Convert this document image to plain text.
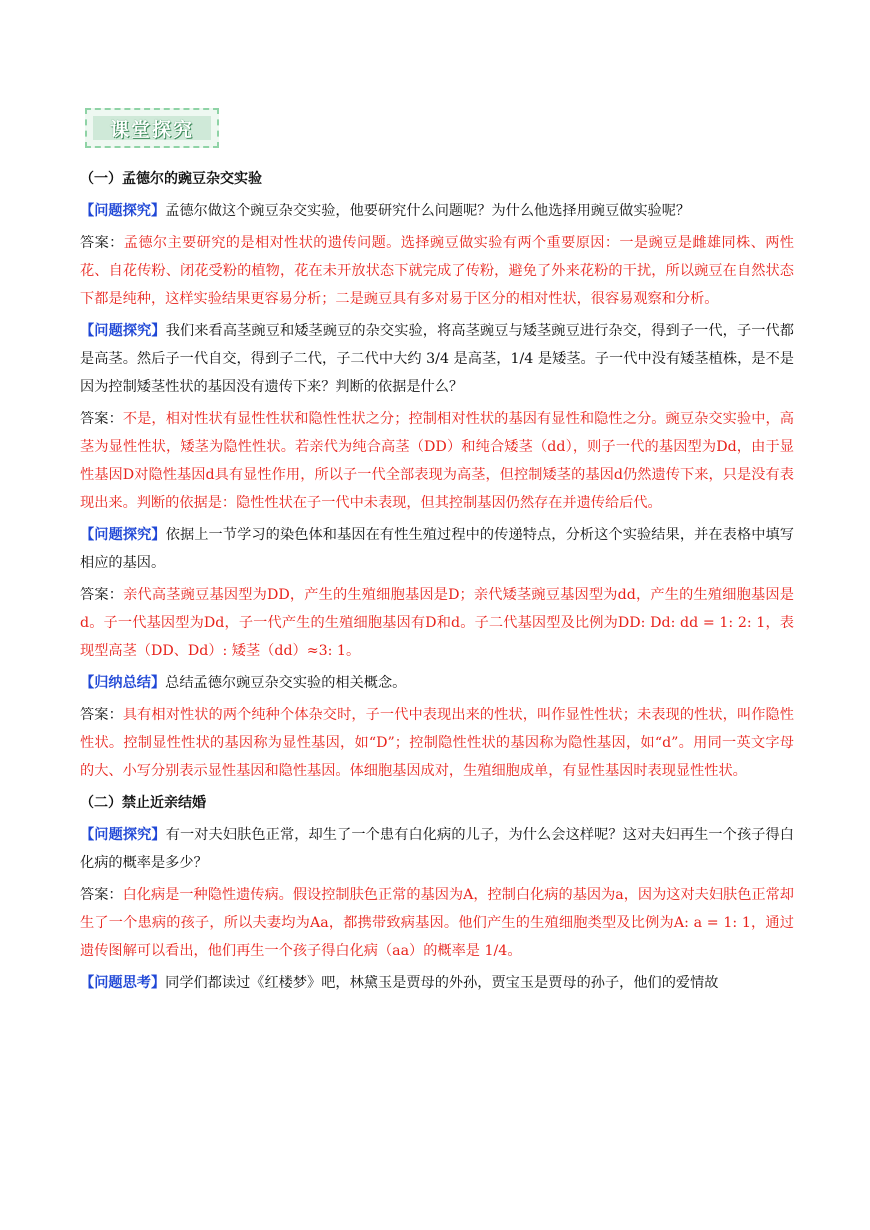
课堂探究
（一）孟德尔的豌豆杂交实验

【问题探究】孟德尔做这个豌豆杂交实验，他要研究什么问题呢？为什么他选择用豌豆做实验呢？

答案：孟德尔主要研究的是相对性状的遗传问题。选择豌豆做实验有两个重要原因：一是豌豆是雌雄同株、两性花、自花传粉、闭花受粉的植物，花在未开放状态下就完成了传粉，避免了外来花粉的干扰，所以豌豆在自然状态下都是纯种，这样实验结果更容易分析；二是豌豆具有多对易于区分的相对性状，很容易观察和分析。

【问题探究】我们来看高茎豌豆和矮茎豌豆的杂交实验，将高茎豌豆与矮茎豌豆进行杂交，得到子一代，子一代都是高茎。然后子一代自交，得到子二代，子二代中大约 3/4 是高茎，1/4 是矮茎。子一代中没有矮茎植株，是不是因为控制矮茎性状的基因没有遗传下来？判断的依据是什么？

答案：不是，相对性状有显性性状和隐性性状之分；控制相对性状的基因有显性和隐性之分。豌豆杂交实验中，高茎为显性性状，矮茎为隐性性状。若亲代为纯合高茎（DD）和纯合矮茎（dd），则子一代的基因型为Dd，由于显性基因D对隐性基因d具有显性作用，所以子一代全部表现为高茎，但控制矮茎的基因d仍然遗传下来，只是没有表现出来。判断的依据是：隐性性状在子一代中未表现，但其控制基因仍然存在并遗传给后代。

【问题探究】依据上一节学习的染色体和基因在有性生殖过程中的传递特点，分析这个实验结果，并在表格中填写相应的基因。

答案：亲代高茎豌豆基因型为DD，产生的生殖细胞基因是D；亲代矮茎豌豆基因型为dd，产生的生殖细胞基因是d。子一代基因型为Dd，子一代产生的生殖细胞基因有D和d。子二代基因型及比例为DD: Dd: dd = 1: 2: 1，表现型高茎（DD、Dd）: 矮茎（dd）≈3: 1。

【归纳总结】总结孟德尔豌豆杂交实验的相关概念。

答案：具有相对性状的两个纯种个体杂交时，子一代中表现出来的性状，叫作显性性状；未表现的性状，叫作隐性性状。控制显性性状的基因称为显性基因，如“D”；控制隐性性状的基因称为隐性基因，如“d”。用同一英文字母的大、小写分别表示显性基因和隐性基因。体细胞基因成对，生殖细胞成单，有显性基因时表现显性性状。

（二）禁止近亲结婚

【问题探究】有一对夫妇肤色正常，却生了一个患有白化病的儿子，为什么会这样呢？这对夫妇再生一个孩子得白化病的概率是多少？

答案：白化病是一种隐性遗传病。假设控制肤色正常的基因为A，控制白化病的基因为a，因为这对夫妇肤色正常却生了一个患病的孩子，所以夫妻均为Aa，都携带致病基因。他们产生的生殖细胞类型及比例为A: a = 1: 1，通过遗传图解可以看出，他们再生一个孩子得白化病（aa）的概率是 1/4。

【问题思考】同学们都读过《红楼梦》吧，林黛玉是贾母的外孙，贾宝玉是贾母的孙子，他们的爱情故
